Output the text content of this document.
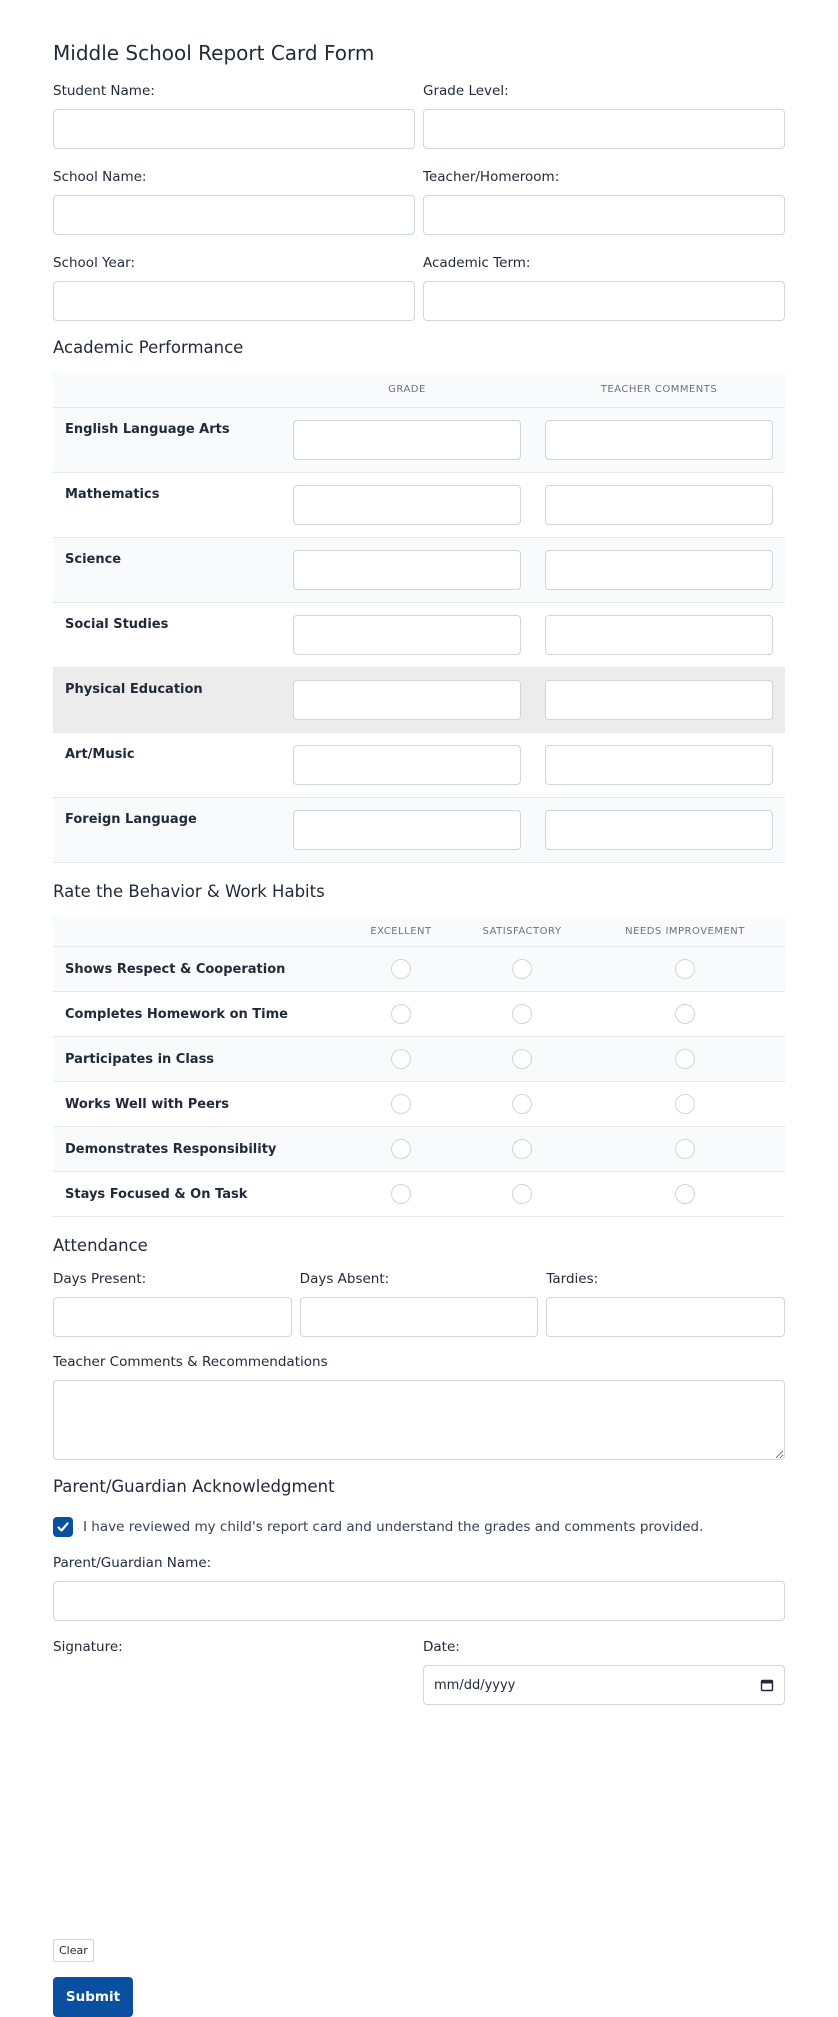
Middle School Report Card Form
Student Name:	Grade Level:
School Name:	Teacher/Homeroom:
School Year:	Academic Term:
Academic Performance
	GRADE	TEACHER COMMENTS
English Language Arts	

Mathematics	

Science	

Social Studies	

Physical Education	

Art/Music	

Foreign Language	

Rate the Behavior & Work Habits
	EXCELLENT	SATISFACTORY	NEEDS IMPROVEMENT
Shows Respect & Cooperation			
Completes Homework on Time			
Participates in Class			
Works Well with Peers			
Demonstrates Responsibility			
Stays Focused & On Task			
Attendance
Days Present:	Days Absent:	Tardies:
Teacher Comments & Recommendations
Parent/Guardian Acknowledgment
I have reviewed my child's report card and understand the grades and comments provided.
Parent/Guardian Name:
Signature:	Date:
mm/dd/yyyy
Clear
Submit
